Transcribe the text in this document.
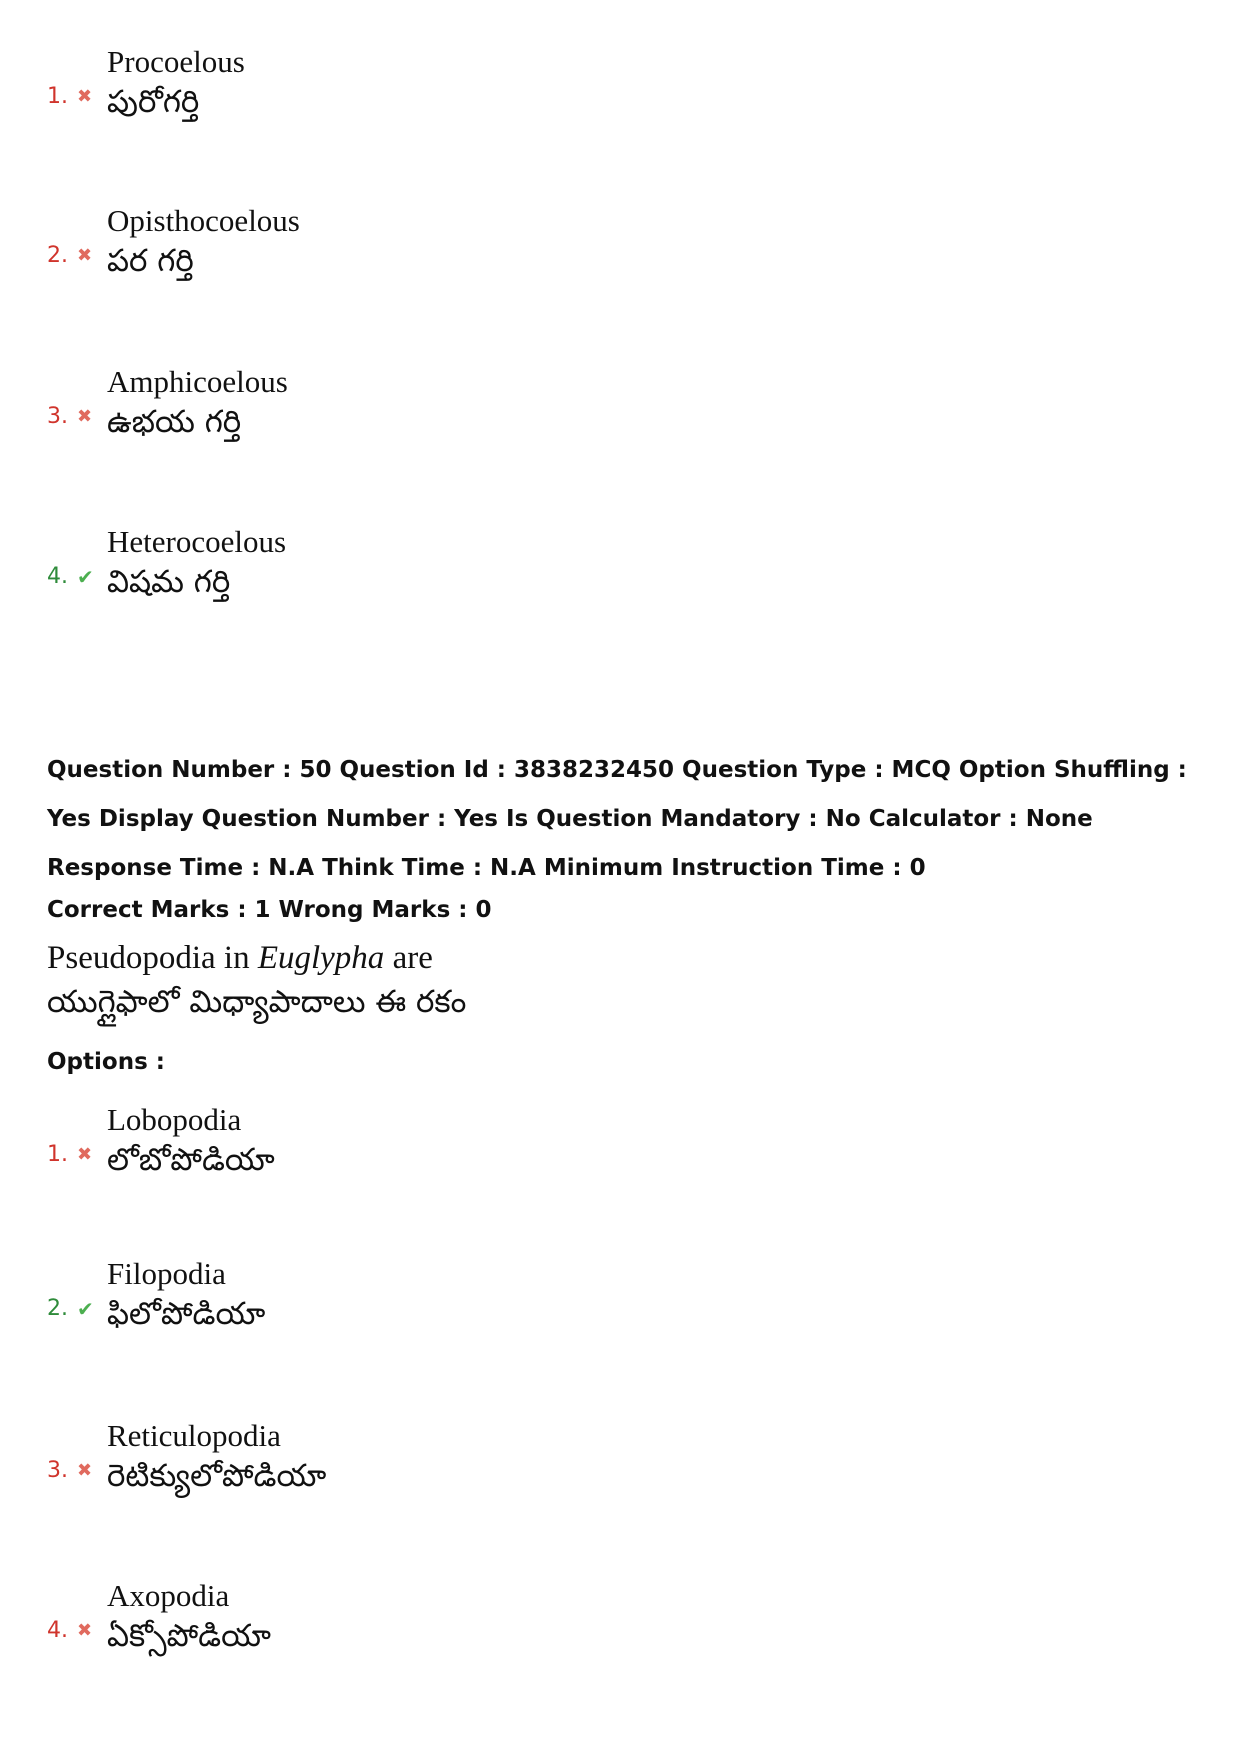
1. ✖
Procoelous
పురోగర్తి
2. ✖
Opisthocoelous
పర గర్తి
3. ✖
Amphicoelous
ఉభయ గర్తి
4. ✔
Heterocoelous
విషమ గర్తి
Question Number : 50 Question Id : 3838232450 Question Type : MCQ Option Shuffling : Yes Display Question Number : Yes Is Question Mandatory : No Calculator : None Response Time : N.A Think Time : N.A Minimum Instruction Time : 0
Correct Marks : 1 Wrong Marks : 0
Pseudopodia in Euglypha are
యుగ్లైఫాలో మిధ్యాపాదాలు ఈ రకం
Options :
1. ✖
Lobopodia
లోబోపోడియా
2. ✔
Filopodia
ఫిలోపోడియా
3. ✖
Reticulopodia
రెటిక్యులోపోడియా
4. ✖
Axopodia
ఏక్సోపోడియా
